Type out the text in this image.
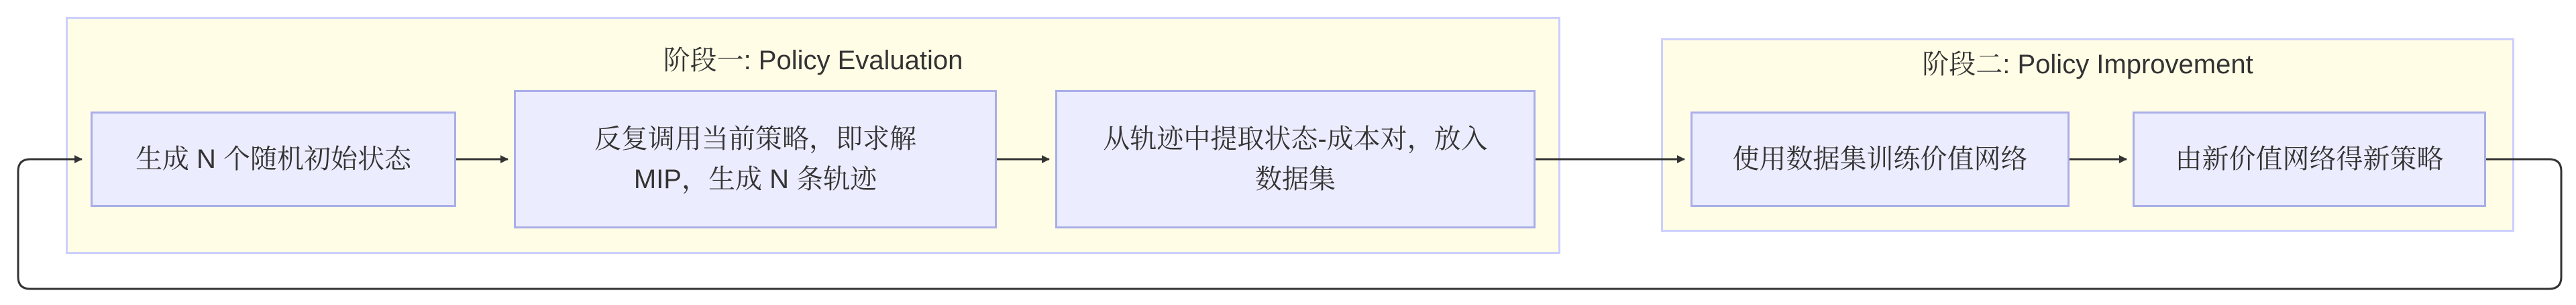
阶段一: Policy Evaluation	阶段二: Policy Improvement
生成 N 个随机初始状态
反复调用当前策略，即求解
MIP，生成 N 条轨迹
从轨迹中提取状态-成本对，放入
数据集
使用数据集训练价值网络	由新价值网络得新策略
